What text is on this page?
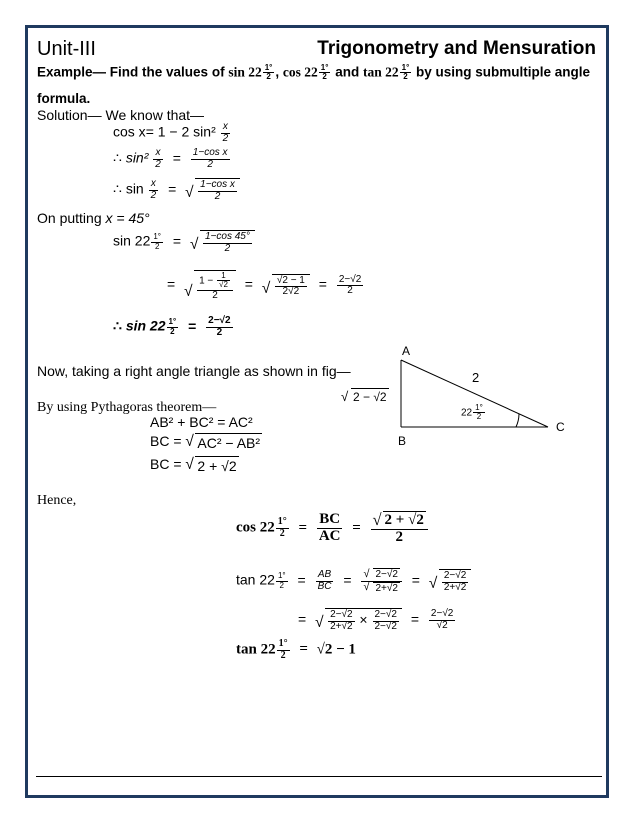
Unit-III	Trigonometry and Mensuration
Example— Find the values of $\sin 22 \frac{1^\circ}{2}$ , $\cos 22 \frac{1^\circ}{2}$ and $\tan 22 \frac{1^\circ}{2}$ by using submultiple angle
formula.
Solution— We know that—
cos x= 1 − 2 $\sin^2 \frac{x}{2}$
∴ $\sin^2 \frac{x}{2} = \frac{\text{1−cos x}}{2}$
∴ $\sin \frac{x}{2}$ = √ $\frac{\text{1−cos x}}{2}$
On putting x = 45°
$\sin 22 \frac{1^\circ}{2}$ = √ $\frac{1-\cos 45^\circ}{2}$
= √ $\frac{1 - \frac{1}{√2}}{2}$ = √ $\frac{√2 - 1}{2√2} = \frac{2-√2}{2}$
∴ $\sin 22 \frac{1^\circ}{2} = \frac{2-√2}{2}$
Now, taking a right angle triangle as shown in fig—
A
B
C
2
√ 2 − √2
$22 \frac{1^\circ}{2}$
By using Pythagoras theorem—
AB² + BC² = AC²
BC = √ AC² − AB²
BC = √ 2 + √2
Hence,
$\cos 22 \frac{1^\circ}{2} = \frac{BC}{AC}$ = √ $\frac{2 + √2}{2}$
$\tan 22 \frac{1^\circ}{2} = \frac{AB}{BC}$ = √ 2−√2
√ 2+√2 = √ $\frac{2-√2}{2+√2}$
= √ $\frac{2-√2}{2+√2} \times \frac{2-√2}{2-√2} = \frac{2-√2}{√2}$
$\tan 22 \frac{1^\circ}{2} = √2 - 1$
